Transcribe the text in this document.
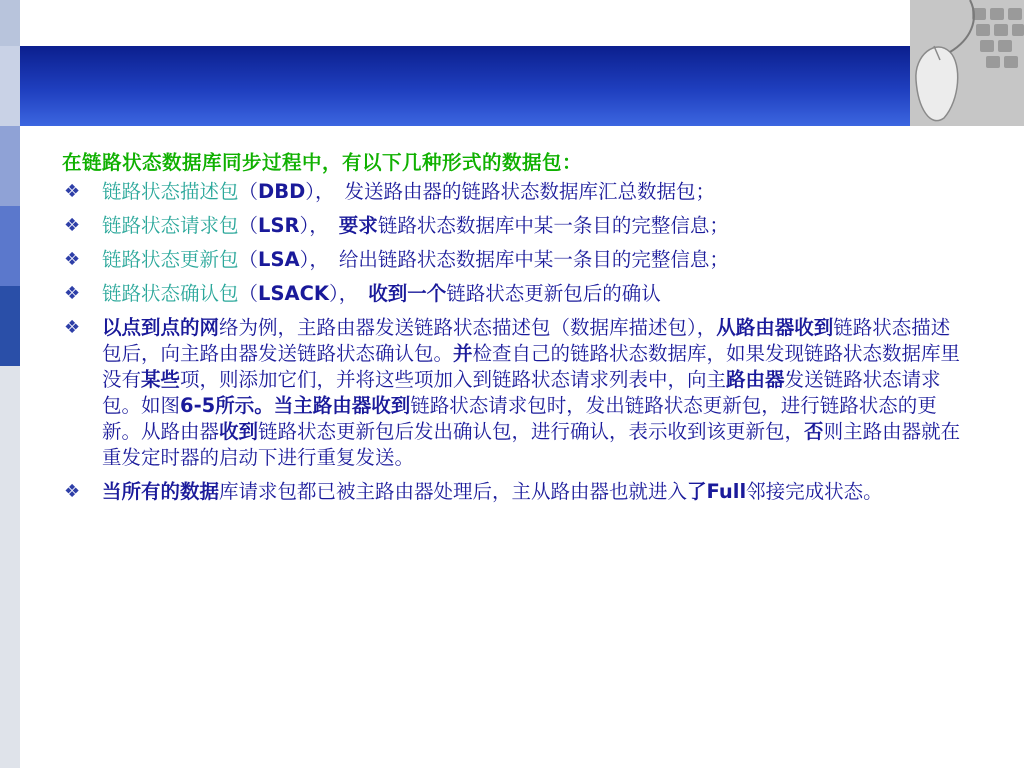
在链路状态数据库同步过程中，有以下几种形式的数据包：
❖ 链路状态描述包（DBD）， 发送路由器的链路状态数据库汇总数据包；
❖ 链路状态请求包（LSR）， 要求链路状态数据库中某一条目的完整信息；
❖ 链路状态更新包（LSA）， 给出链路状态数据库中某一条目的完整信息；
❖ 链路状态确认包（LSACK）， 收到一个链路状态更新包后的确认
❖ 以点到点的网络为例，主路由器发送链路状态描述包（数据库描述包），从路由器收到链路状态描述包后，向主路由器发送链路状态确认包。并检查自己的链路状态数据库，如果发现链路状态数据库里没有某些项，则添加它们，并将这些项加入到链路状态请求列表中，向主路由器发送链路状态请求包。如图6-5所示。当主路由器收到链路状态请求包时，发出链路状态更新包，进行链路状态的更新。从路由器收到链路状态更新包后发出确认包，进行确认，表示收到该更新包，否则主路由器就在重发定时器的启动下进行重复发送。
❖ 当所有的数据库请求包都已被主路由器处理后，主从路由器也就进入了Full邻接完成状态。
